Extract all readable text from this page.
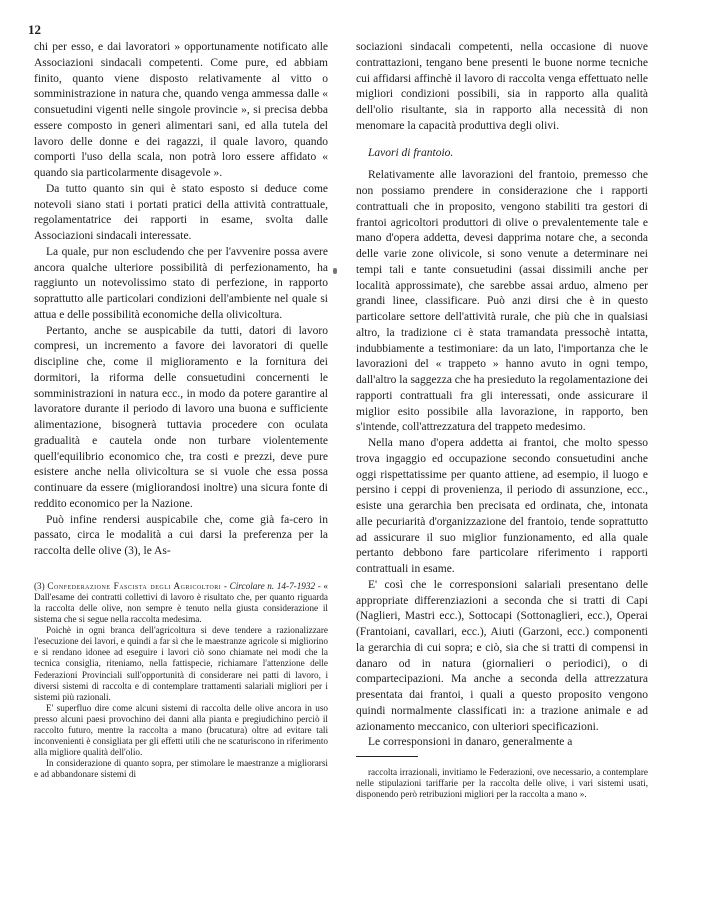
12

chi per esso, e dai lavoratori » opportunamente notificato alle Associazioni sindacali competenti. Come pure, ed abbiam finito, quanto viene disposto relativamente al vitto o somministrazione in natura che, quando venga ammessa dalle « consuetudini vigenti nelle singole provincie », si precisa debba essere composto in generi alimentari sani, ed alla tutela del lavoro delle donne e dei ragazzi, il quale lavoro, quando comporti l'uso della scala, non potrà loro essere affidato « quando sia particolarmente disagevole ».

Da tutto quanto sin qui è stato esposto si deduce come notevoli siano stati i portati pratici della attività contrattuale, regolamentatrice dei rapporti in esame, svolta dalle Associazioni sindacali interessate.

La quale, pur non escludendo che per l'avvenire possa avere ancora qualche ulteriore possibilità di perfezionamento, ha raggiunto un notevolissimo stato di perfezione, in rapporto soprattutto alle particolari condizioni dell'ambiente nel quale si attua e delle possibilità economiche della olivicoltura.

Pertanto, anche se auspicabile da tutti, datori di lavoro compresi, un incremento a favore dei lavoratori di quelle discipline che, come il miglioramento e la fornitura dei dormitori, la riforma delle consuetudini concernenti le somministrazioni in natura ecc., in modo da potere garantire al lavoratore durante il periodo di lavoro una buona e sufficiente alimentazione, bisognerà tuttavia procedere con oculata gradualità e cautela onde non turbare violentemente quell'equilibrio economico che, tra costi e prezzi, deve pure esistere anche nella olivicoltura se si vuole che essa possa continuare da essere (migliorandosi inoltre) una sicura fonte di reddito economico per la Nazione.

Può infine rendersi auspicabile che, come già fa-cero in passato, circa le modalità a cui darsi la preferenza per la raccolta delle olive (3), le As-

(3) Confederazione Fascista degli Agricoltori - Circolare n. 14-7-1932 - « Dall'esame dei contratti collettivi di lavoro è risultato che, per quanto riguarda la raccolta delle olive, non sempre è tenuto nella giusta considerazione il sistema che si segue nella raccolta medesima.

Poichè in ogni branca dell'agricoltura si deve tendere a razionalizzare l'esecuzione dei lavori, e quindi a far sì che le maestranze agricole si migliorino e si rendano idonee ad eseguire i lavori ciò sono chiamate nei modi che la tecnica consiglia, riteniamo, nella fattispecie, richiamare l'attenzione delle Federazioni Provinciali sull'opportunità di considerare nei patti di lavoro, i diversi sistemi di raccolta e di contemplare trattamenti salariali migliori per i sistemi più razionali.

E' superfluo dire come alcuni sistemi di raccolta delle olive ancora in uso presso alcuni paesi provochino dei danni alla pianta e pregiudichino perciò il raccolto futuro, mentre la raccolta a mano (brucatura) oltre ad evitare tali inconvenienti è consigliata per gli effetti utili che ne scaturiscono in riferimento alla migliore qualità dell'olio.

In considerazione di quanto sopra, per stimolare le maestranze a migliorarsi e ad abbandonare sistemi di

sociazioni sindacali competenti, nella occasione di nuove contrattazioni, tengano bene presenti le buone norme tecniche cui affidarsi affinchè il lavoro di raccolta venga effettuato nelle migliori condizioni possibili, sia in rapporto alla qualità dell'olio risultante, sia in rapporto alla necessità di non menomare la capacità produttiva degli olivi.

Lavori di frantoio.

Relativamente alle lavorazioni del frantoio, premesso che non possiamo prendere in considerazione che i rapporti contrattuali che in proposito, vengono stabiliti tra gestori di frantoi agricoltori produttori di olive o prevalentemente tale e mano d'opera addetta, devesi dapprima notare che, a seconda delle varie zone olivicole, si sono venute a determinare nei tempi tali e tante consuetudini (assai dissimili anche per località approssimate), che sarebbe assai arduo, almeno per grandi linee, classificare. Può anzi dirsi che è in questo particolare settore dell'attività rurale, che più che in qualsiasi altro, la tradizione ci è stata tramandata pressochè intatta, indubbiamente a testimoniare: da un lato, l'importanza che le lavorazioni del « trappeto » hanno avuto in ogni tempo, dall'altro la saggezza che ha presieduto la regolamentazione dei rapporti contrattuali fra gli interessati, onde assicurare il miglior esito possibile alla lavorazione, in rapporto, ben s'intende, coll'attrezzatura del trappeto medesimo.

Nella mano d'opera addetta ai frantoi, che molto spesso trova ingaggio ed occupazione secondo consuetudini anche oggi rispettatissime per quanto attiene, ad esempio, il luogo e persino i ceppi di provenienza, il periodo di assunzione, ecc., esiste una gerarchia ben precisata ed ordinata, che, intonata alle pecuriarità d'organizzazione del frantoio, tende soprattutto ad assicurare il suo miglior funzionamento, ed alla quale pertanto debbono fare particolare riferimento i rapporti contrattuali in esame.

E' così che le corresponsioni salariali presentano delle appropriate differenziazioni a seconda che si tratti di Capi (Naglieri, Mastri ecc.), Sottocapi (Sottonaglieri, ecc.), Operai (Frantoiani, cavallari, ecc.), Aiuti (Garzoni, ecc.) componenti la gerarchia di cui sopra; e ciò, sia che si tratti di compensi in danaro od in natura (giornalieri o periodici), o di compartecipazioni. Ma anche a seconda della attrezzatura presentata dai frantoi, i quali a questo proposito vengono quindi normalmente classificati in: a trazione animale e ad azionamento meccanico, con ulteriori specificazioni.

Le corresponsioni in danaro, generalmente a

raccolta irrazionali, invitiamo le Federazioni, ove necessario, a contemplare nelle stipulazioni tariffarie per la raccolta delle olive, i vari sistemi usati, disponendo però retribuzioni migliori per la raccolta a mano ».
